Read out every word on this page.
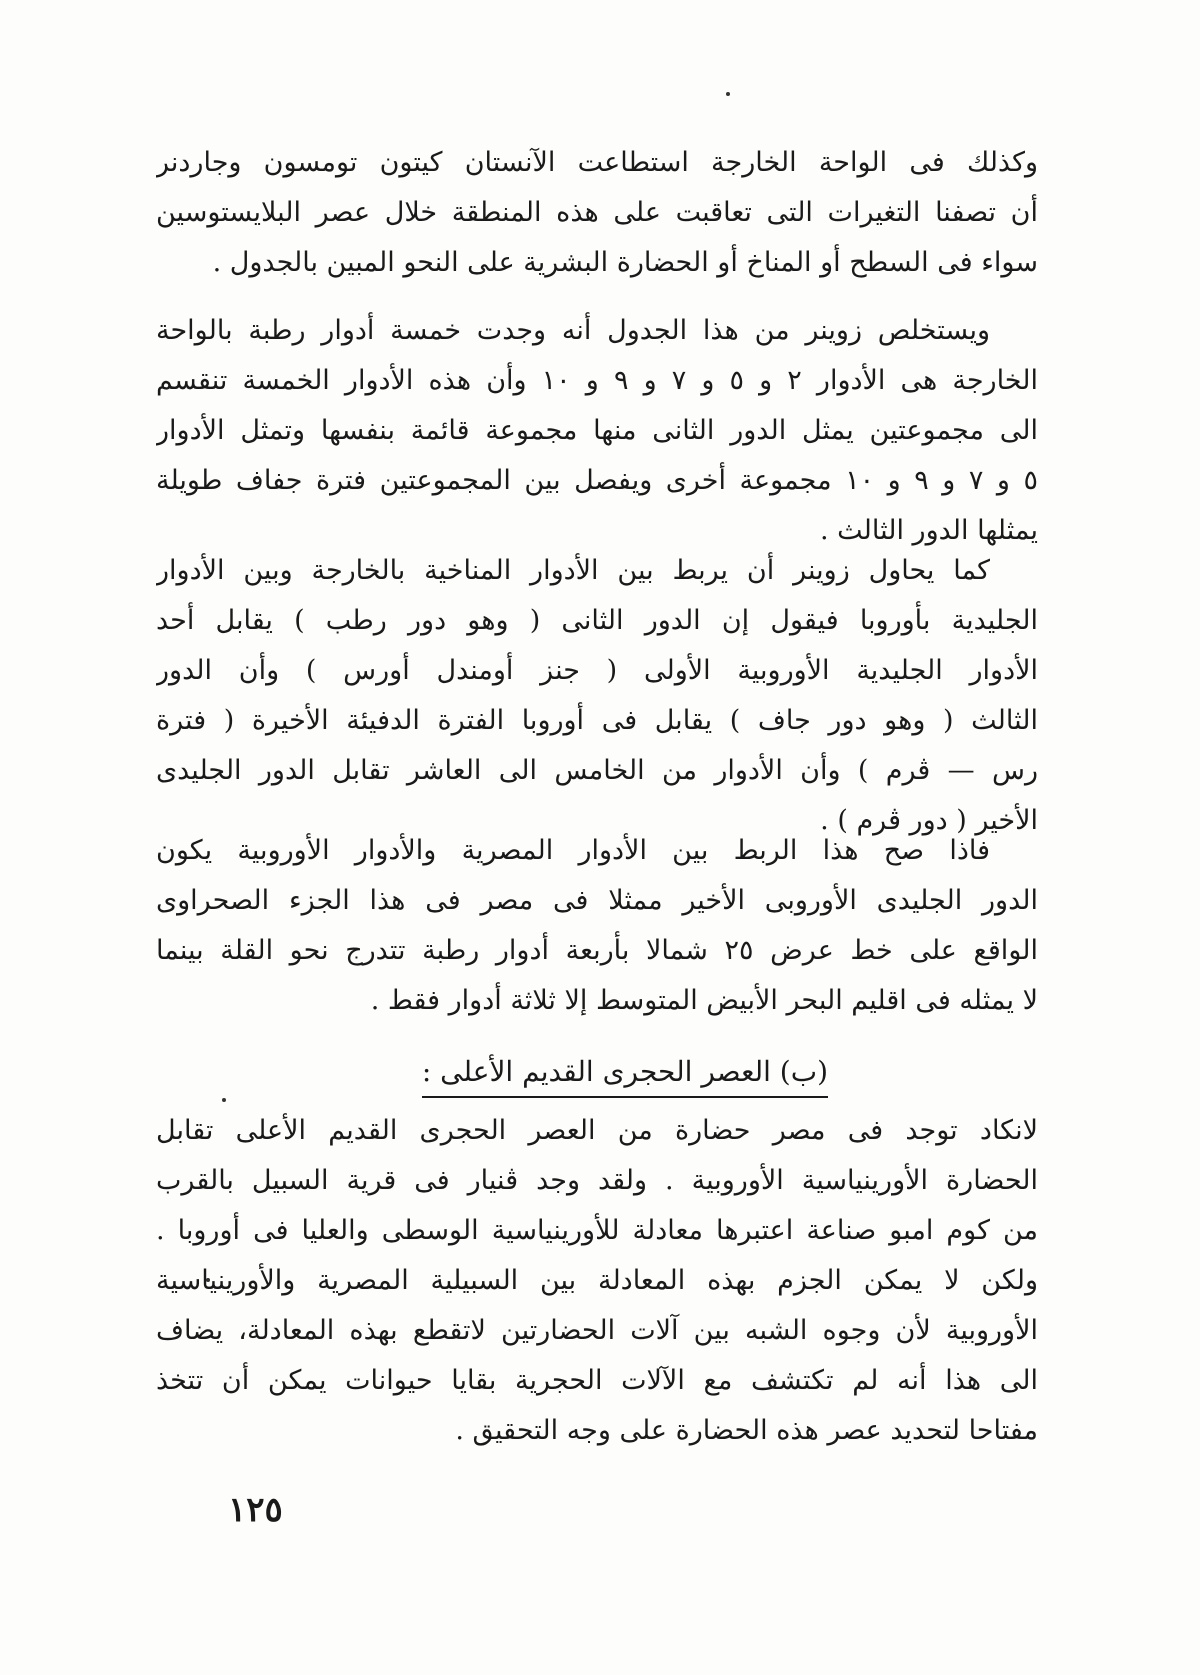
وكذلك فى الواحة الخارجة استطاعت الآنستان كيتون تومسون وجاردنر
أن تصفنا التغيرات التى تعاقبت على هذه المنطقة خلال عصر البلايستوسين
سواء فى السطح أو المناخ أو الحضارة البشرية على النحو المبين بالجدول .
ويستخلص زوينر من هذا الجدول أنه وجدت خمسة أدوار رطبة بالواحة
الخارجة هى الأدوار ٢ و ٥ و ٧ و ٩ و ١٠ وأن هذه الأدوار الخمسة تنقسم
الى مجموعتين يمثل الدور الثانى منها مجموعة قائمة بنفسها وتمثل الأدوار
٥ و ٧ و ٩ و ١٠ مجموعة أخرى ويفصل بين المجموعتين فترة جفاف طويلة
يمثلها الدور الثالث .
كما يحاول زوينر أن يربط بين الأدوار المناخية بالخارجة وبين الأدوار
الجليدية بأوروبا فيقول إن الدور الثانى ( وهو دور رطب ) يقابل أحد
الأدوار الجليدية الأوروبية الأولى ( جنز أومندل أورس ) وأن الدور
الثالث ( وهو دور جاف ) يقابل فى أوروبا الفترة الدفيئة الأخيرة ( فترة
رس — ڤرم ) وأن الأدوار من الخامس الى العاشر تقابل الدور الجليدى
الأخير ( دور ڤرم ) .
فاذا صح هذا الربط بين الأدوار المصرية والأدوار الأوروبية يكون
الدور الجليدى الأوروبى الأخير ممثلا فى مصر فى هذا الجزء الصحراوى
الواقع على خط عرض ٢٥ شمالا بأربعة أدوار رطبة تتدرج نحو القلة بينما
لا يمثله فى اقليم البحر الأبيض المتوسط إلا ثلاثة أدوار فقط .
(ب) العصر الحجرى القديم الأعلى :
لانكاد توجد فى مصر حضارة من العصر الحجرى القديم الأعلى تقابل
الحضارة الأورينياسية الأوروبية . ولقد وجد ڤنيار فى قرية السبيل بالقرب
من كوم امبو صناعة اعتبرها معادلة للأورينياسية الوسطى والعليا فى أوروبا .
ولكن لا يمكن الجزم بهذه المعادلة بين السبيلية المصرية والأورينياسية
الأوروبية لأن وجوه الشبه بين آلات الحضارتين لاتقطع بهذه المعادلة، يضاف
الى هذا أنه لم تكتشف مع الآلات الحجرية بقايا حيوانات يمكن أن تتخذ
مفتاحا لتحديد عصر هذه الحضارة على وجه التحقيق .
١٢٥
